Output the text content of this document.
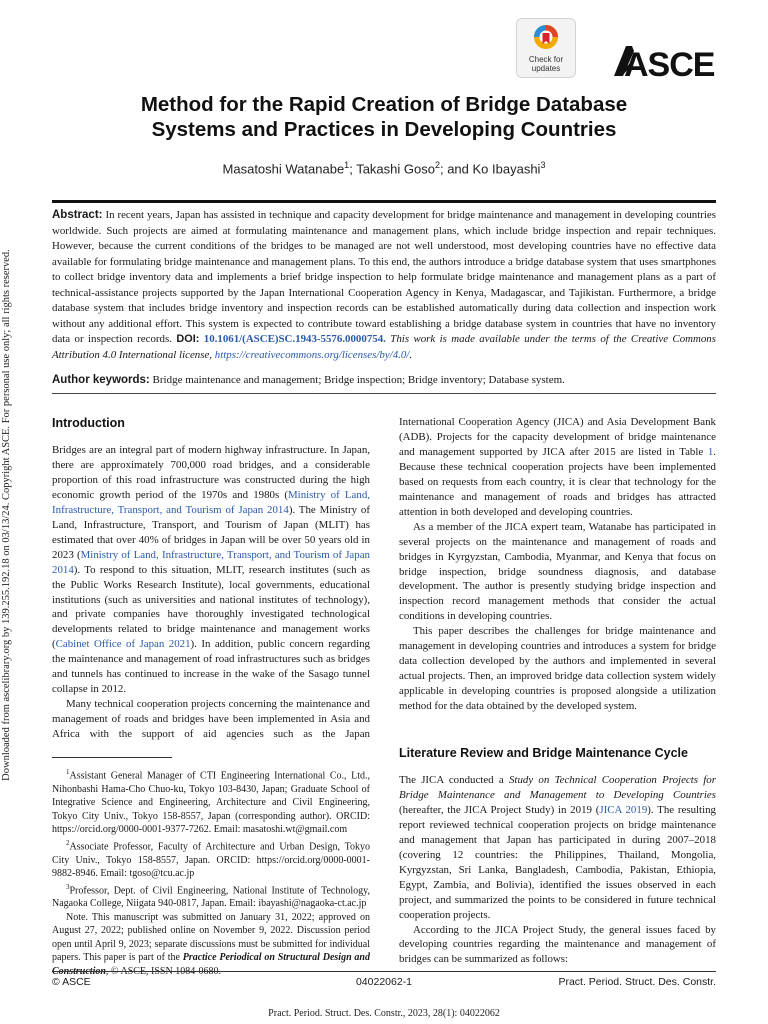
Downloaded from ascelibrary.org by 139.255.192.18 on 03/13/24. Copyright ASCE. For personal use only; all rights reserved.
Check for
updates	ASCE
Method for the Rapid Creation of Bridge Database
Systems and Practices in Developing Countries
Masatoshi Watanabe$^1$; Takashi Goso$^2$; and Ko Ibayashi$^3$
Abstract: In recent years, Japan has assisted in technique and capacity development for bridge maintenance and management in developing countries worldwide. Such projects are aimed at formulating maintenance and management plans, which include bridge inspection and repair techniques. However, because the current conditions of the bridges to be managed are not well understood, most developing countries have no effective data available for formulating bridge maintenance and management plans. To this end, the authors introduce a bridge database system that uses smartphones to collect bridge inventory data and implements a brief bridge inspection to help formulate bridge maintenance and management plans as a part of technical-assistance projects supported by the Japan International Cooperation Agency in Kenya, Madagascar, and Tajikistan. Furthermore, a bridge database system that includes bridge inventory and inspection records can be established automatically during data collection and inspection work without any additional effort. This system is expected to contribute toward establishing a bridge database system in countries that have no inventory data or inspection records. DOI: 10.1061/(ASCE)SC.1943-5576.0000754. This work is made available under the terms of the Creative Commons Attribution 4.0 International license, https://creativecommons.org/licenses/by/4.0/.
Author keywords: Bridge maintenance and management; Bridge inspection; Bridge inventory; Database system.
Introduction

Bridges are an integral part of modern highway infrastructure. In Japan, there are approximately 700,000 road bridges, and a considerable proportion of this road infrastructure was constructed during the high economic growth period of the 1970s and 1980s (Ministry of Land, Infrastructure, Transport, and Tourism of Japan 2014). The Ministry of Land, Infrastructure, Transport, and Tourism of Japan (MLIT) has estimated that over 40% of bridges in Japan will be over 50 years old in 2023 (Ministry of Land, Infrastructure, Transport, and Tourism of Japan 2014). To respond to this situation, MLIT, research institutes (such as the Public Works Research Institute), local governments, educational institutions (such as universities and national institutes of technology), and private companies have thoroughly investigated technological developments related to bridge maintenance and management works (Cabinet Office of Japan 2021). In addition, public concern regarding the maintenance and management of road infrastructures such as bridges and tunnels has continued to increase in the wake of the Sasago tunnel collapse in 2012.

Many technical cooperation projects concerning the maintenance and management of roads and bridges have been implemented in Asia and Africa with the support of aid agencies such as the Japan

$^1$Assistant General Manager of CTI Engineering International Co., Ltd., Nihonbashi Hama-Cho Chuo-ku, Tokyo 103-8430, Japan; Graduate School of Integrative Science and Engineering, Architecture and Civil Engineering, Tokyo City Univ., Tokyo 158-8557, Japan (corresponding author). ORCID: https://orcid.org/0000-0001-9377-7262. Email: masatoshi.wt@gmail.com

$^2$Associate Professor, Faculty of Architecture and Urban Design, Tokyo City Univ., Tokyo 158-8557, Japan. ORCID: https://orcid.org/0000-0001-9882-8946. Email: tgoso@tcu.ac.jp

$^3$Professor, Dept. of Civil Engineering, National Institute of Technology, Nagaoka College, Niigata 940-0817, Japan. Email: ibayashi@nagaoka-ct.ac.jp

Note. This manuscript was submitted on January 31, 2022; approved on August 27, 2022; published online on November 9, 2022. Discussion period open until April 9, 2023; separate discussions must be submitted for individual papers. This paper is part of the Practice Periodical on Structural Design and

International Cooperation Agency (JICA) and Asia Development Bank (ADB). Projects for the capacity development of bridge maintenance and management supported by JICA after 2015 are listed in Table 1. Because these technical cooperation projects have been implemented based on requests from each country, it is clear that technology for the maintenance and management of roads and bridges has attracted attention in both developed and developing countries.

As a member of the JICA expert team, Watanabe has participated in several projects on the maintenance and management of roads and bridges in Kyrgyzstan, Cambodia, Myanmar, and Kenya that focus on bridge inspection, bridge soundness diagnosis, and database development. The author is presently studying bridge inspection and inspection record management methods that consider the actual conditions in developing countries.

This paper describes the challenges for bridge maintenance and management in developing countries and introduces a system for bridge data collection developed by the authors and implemented in several actual projects. Then, an improved bridge data collection system widely applicable in developing countries is proposed alongside a utilization method for the data obtained by the developed system.

Literature Review and Bridge Maintenance Cycle

The JICA conducted a Study on Technical Cooperation Projects for Bridge Maintenance and Management to Developing Countries (hereafter, the JICA Project Study) in 2019 (JICA 2019). The resulting report reviewed technical cooperation projects on bridge maintenance and management that Japan has participated in during 2007–2018 (covering 12 countries: the Philippines, Thailand, Mongolia, Kyrgyzstan, Sri Lanka, Bangladesh, Cambodia, Pakistan, Ethiopia, Egypt, Zambia, and Bolivia), identified the issues observed in each project, and summarized the points to be considered in future technical cooperation projects.

According to the JICA Project Study, the general issues faced by developing countries regarding the maintenance and management of bridges can be summarized as follows:

© ASCE	04022062-1	Pract. Period. Struct. Des. Constr.
Pract. Period. Struct. Des. Constr., 2023, 28(1): 04022062
